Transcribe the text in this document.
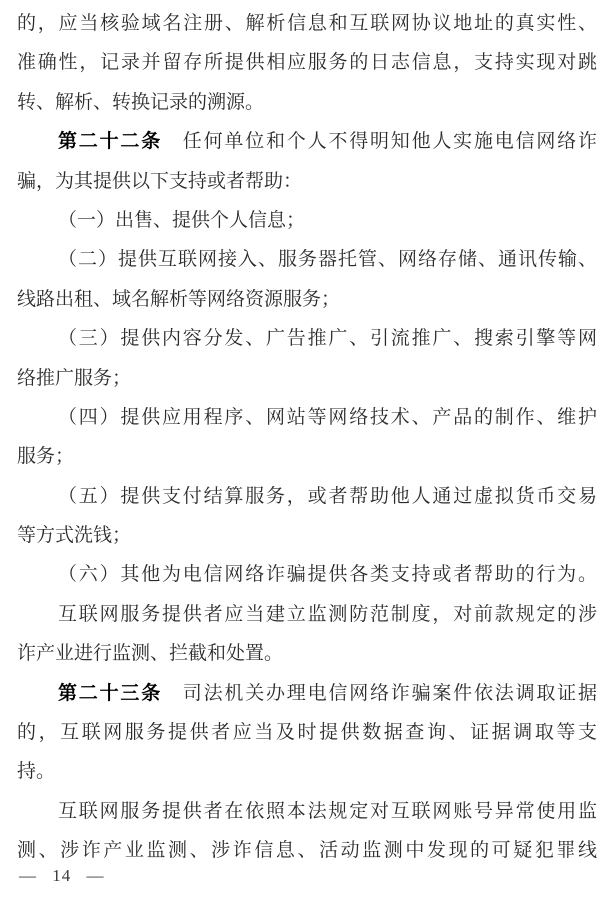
的，应当核验域名注册、解析信息和互联网协议地址的真实性、
准确性，记录并留存所提供相应服务的日志信息，支持实现对跳
转、解析、转换记录的溯源。
第二十二条　任何单位和个人不得明知他人实施电信网络诈
骗，为其提供以下支持或者帮助：
（一）出售、提供个人信息；
（二）提供互联网接入、服务器托管、网络存储、通讯传输、
线路出租、域名解析等网络资源服务；
（三）提供内容分发、广告推广、引流推广、搜索引擎等网
络推广服务；
（四）提供应用程序、网站等网络技术、产品的制作、维护
服务；
（五）提供支付结算服务，或者帮助他人通过虚拟货币交易
等方式洗钱；
（六）其他为电信网络诈骗提供各类支持或者帮助的行为。
互联网服务提供者应当建立监测防范制度，对前款规定的涉
诈产业进行监测、拦截和处置。
第二十三条　司法机关办理电信网络诈骗案件依法调取证据
的，互联网服务提供者应当及时提供数据查询、证据调取等支
持。
互联网服务提供者在依照本法规定对互联网账号异常使用监
测、涉诈产业监测、涉诈信息、活动监测中发现的可疑犯罪线
— 14 —
